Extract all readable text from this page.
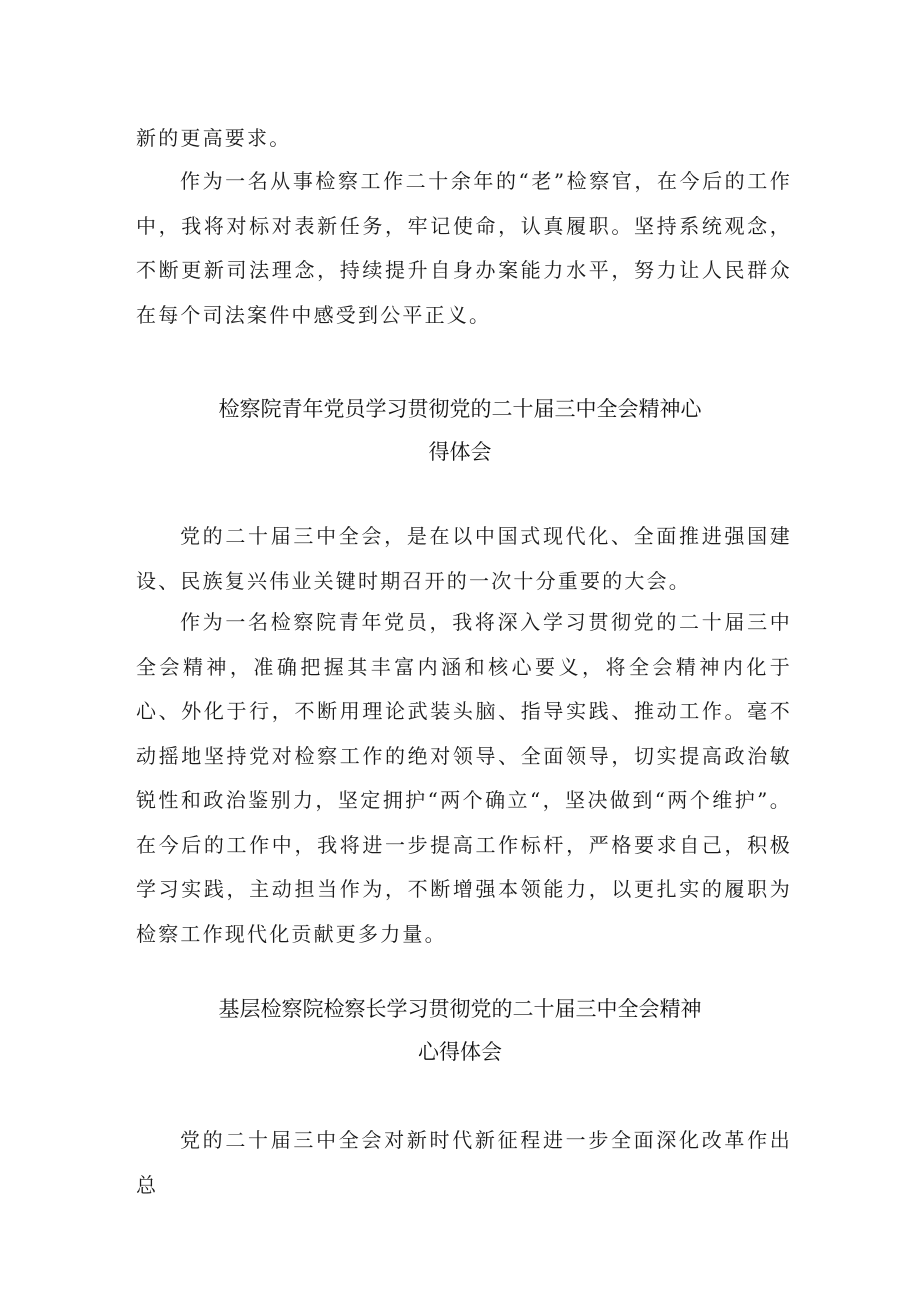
新的更高要求。

作为一名从事检察工作二十余年的“老”检察官，在今后的工作中，我将对标对表新任务，牢记使命，认真履职。坚持系统观念，不断更新司法理念，持续提升自身办案能力水平，努力让人民群众在每个司法案件中感受到公平正义。

检察院青年党员学习贯彻党的二十届三中全会精神心
得体会

党的二十届三中全会，是在以中国式现代化、全面推进强国建设、民族复兴伟业关键时期召开的一次十分重要的大会。

作为一名检察院青年党员，我将深入学习贯彻党的二十届三中全会精神，准确把握其丰富内涵和核心要义，将全会精神内化于心、外化于行，不断用理论武装头脑、指导实践、推动工作。毫不动摇地坚持党对检察工作的绝对领导、全面领导，切实提高政治敏锐性和政治鉴别力，坚定拥护“两个确立“，坚决做到“两个维护”。在今后的工作中，我将进一步提高工作标杆，严格要求自己，积极学习实践，主动担当作为，不断增强本领能力，以更扎实的履职为检察工作现代化贡献更多力量。

基层检察院检察长学习贯彻党的二十届三中全会精神
心得体会

党的二十届三中全会对新时代新征程进一步全面深化改革作出总
